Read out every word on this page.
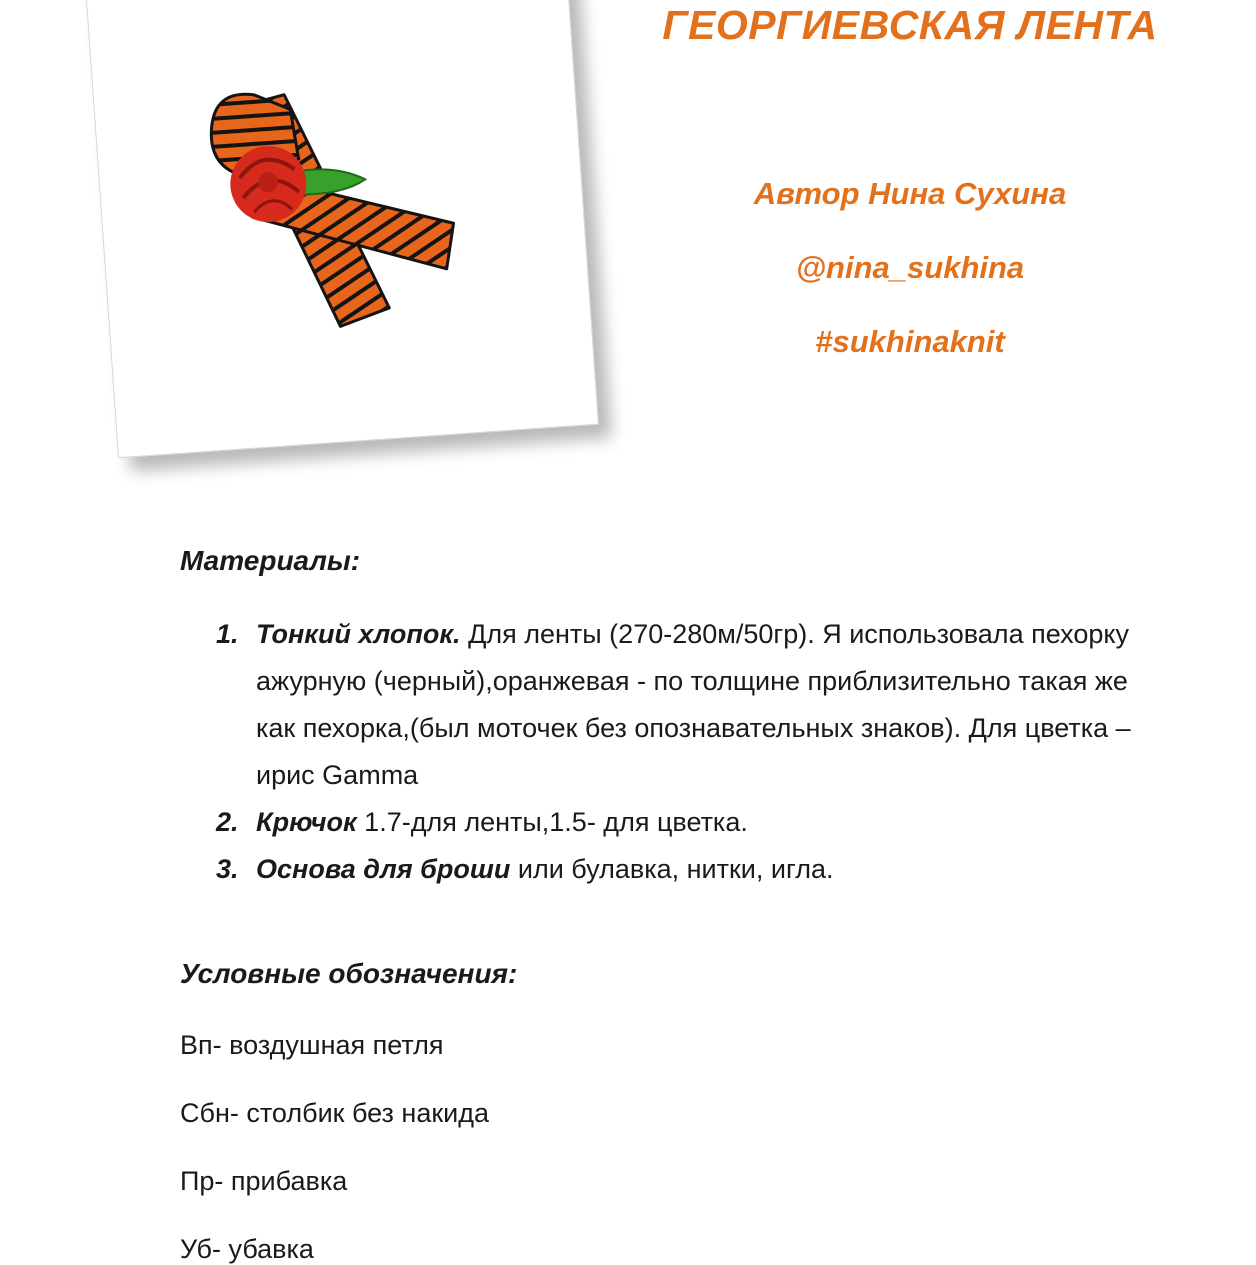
ГЕОРГИЕВСКАЯ ЛЕНТА
Автор Нина Сухина
@nina_sukhina
#sukhinaknit
Материалы:
1. Тонкий хлопок. Для ленты (270-280м/50гр). Я использовала пехорку ажурную (черный),оранжевая - по толщине приблизительно такая же как пехорка,(был моточек без опознавательных знаков). Для цветка – ирис Gamma
2. Крючок 1.7-для ленты,1.5- для цветка.
3. Основа для броши или булавка, нитки, игла.
Условные обозначения:
Вп- воздушная петля
Сбн- столбик без накида
Пр- прибавка
Уб- убавка
